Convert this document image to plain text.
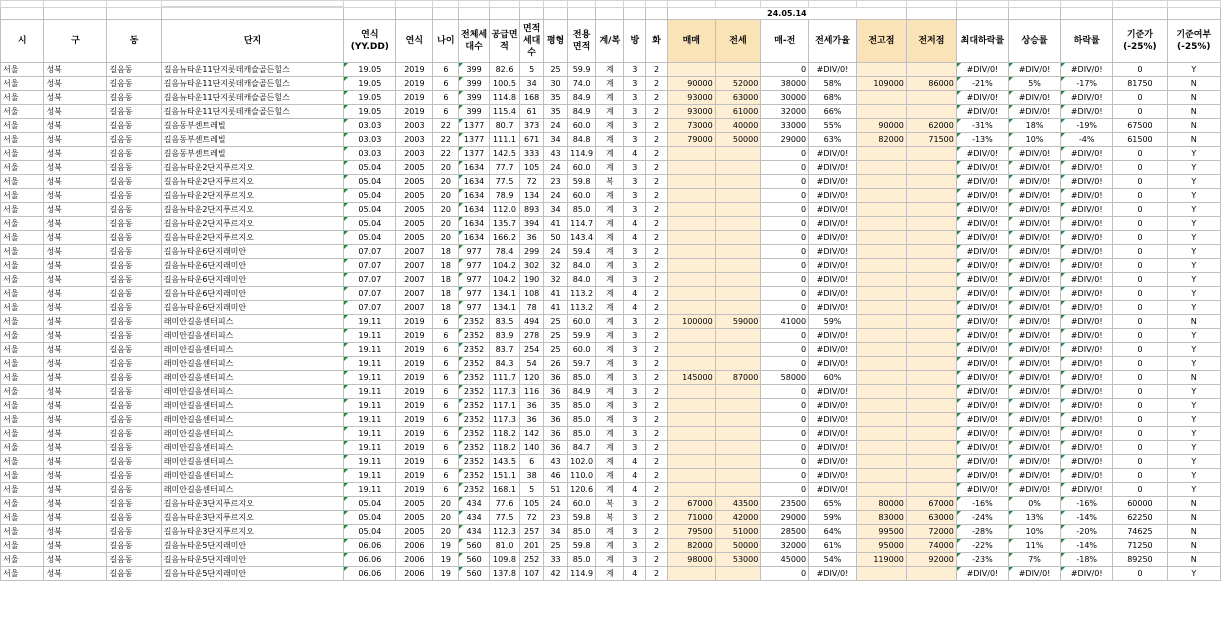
															24.05.14										
시	구	동	단지	연식(YY.DD)	연식	나이	전체세대수	공급면적	면적세대수	평형	전용면적	계/복	방	화	매매	전세	매-전	전세가율	전고점	전저점	최대하락률	상승률	하락률	기준가(-25%)	기준여부(-25%)
서울	성북	길음동	길음뉴타운11단지롯데캐슬골든힐스	19.05	2019	6	399	82.6	5	25	59.9	계	3	2			0	#DIV/0!			#DIV/0!	#DIV/0!	#DIV/0!	0	Y
서울	성북	길음동	길음뉴타운11단지롯데캐슬골든힐스	19.05	2019	6	399	100.5	34	30	74.0	계	3	2	90000	52000	38000	58%	109000	86000	-21%	5%	-17%	81750	N
서울	성북	길음동	길음뉴타운11단지롯데캐슬골든힐스	19.05	2019	6	399	114.8	168	35	84.9	계	3	2	93000	63000	30000	68%			#DIV/0!	#DIV/0!	#DIV/0!	0	N
서울	성북	길음동	길음뉴타운11단지롯데캐슬골든힐스	19.05	2019	6	399	115.4	61	35	84.9	계	3	2	93000	61000	32000	66%			#DIV/0!	#DIV/0!	#DIV/0!	0	N
서울	성북	길음동	길음동부센트레빌	03.03	2003	22	1377	80.7	373	24	60.0	계	3	2	73000	40000	33000	55%	90000	62000	-31%	18%	-19%	67500	N
서울	성북	길음동	길음동부센트레빌	03.03	2003	22	1377	111.1	671	34	84.8	계	3	2	79000	50000	29000	63%	82000	71500	-13%	10%	-4%	61500	N
서울	성북	길음동	길음동부센트레빌	03.03	2003	22	1377	142.5	333	43	114.9	계	4	2			0	#DIV/0!			#DIV/0!	#DIV/0!	#DIV/0!	0	Y
서울	성북	길음동	길음뉴타운2단지푸르지오	05.04	2005	20	1634	77.7	105	24	60.0	계	3	2			0	#DIV/0!			#DIV/0!	#DIV/0!	#DIV/0!	0	Y
서울	성북	길음동	길음뉴타운2단지푸르지오	05.04	2005	20	1634	77.5	72	23	59.8	복	3	2			0	#DIV/0!			#DIV/0!	#DIV/0!	#DIV/0!	0	Y
서울	성북	길음동	길음뉴타운2단지푸르지오	05.04	2005	20	1634	78.9	134	24	60.0	계	3	2			0	#DIV/0!			#DIV/0!	#DIV/0!	#DIV/0!	0	Y
서울	성북	길음동	길음뉴타운2단지푸르지오	05.04	2005	20	1634	112.0	893	34	85.0	계	3	2			0	#DIV/0!			#DIV/0!	#DIV/0!	#DIV/0!	0	Y
서울	성북	길음동	길음뉴타운2단지푸르지오	05.04	2005	20	1634	135.7	394	41	114.7	계	4	2			0	#DIV/0!			#DIV/0!	#DIV/0!	#DIV/0!	0	Y
서울	성북	길음동	길음뉴타운2단지푸르지오	05.04	2005	20	1634	166.2	36	50	143.4	계	4	2			0	#DIV/0!			#DIV/0!	#DIV/0!	#DIV/0!	0	Y
서울	성북	길음동	길음뉴타운6단지래미안	07.07	2007	18	977	78.4	299	24	59.4	계	3	2			0	#DIV/0!			#DIV/0!	#DIV/0!	#DIV/0!	0	Y
서울	성북	길음동	길음뉴타운6단지래미안	07.07	2007	18	977	104.2	302	32	84.0	계	3	2			0	#DIV/0!			#DIV/0!	#DIV/0!	#DIV/0!	0	Y
서울	성북	길음동	길음뉴타운6단지래미안	07.07	2007	18	977	104.2	190	32	84.0	계	3	2			0	#DIV/0!			#DIV/0!	#DIV/0!	#DIV/0!	0	Y
서울	성북	길음동	길음뉴타운6단지래미안	07.07	2007	18	977	134.1	108	41	113.2	계	4	2			0	#DIV/0!			#DIV/0!	#DIV/0!	#DIV/0!	0	Y
서울	성북	길음동	길음뉴타운6단지래미안	07.07	2007	18	977	134.1	78	41	113.2	계	4	2			0	#DIV/0!			#DIV/0!	#DIV/0!	#DIV/0!	0	Y
서울	성북	길음동	래미안길음센터피스	19.11	2019	6	2352	83.5	494	25	60.0	계	3	2	100000	59000	41000	59%			#DIV/0!	#DIV/0!	#DIV/0!	0	N
서울	성북	길음동	래미안길음센터피스	19.11	2019	6	2352	83.9	278	25	59.9	계	3	2			0	#DIV/0!			#DIV/0!	#DIV/0!	#DIV/0!	0	Y
서울	성북	길음동	래미안길음센터피스	19.11	2019	6	2352	83.7	254	25	60.0	계	3	2			0	#DIV/0!			#DIV/0!	#DIV/0!	#DIV/0!	0	Y
서울	성북	길음동	래미안길음센터피스	19.11	2019	6	2352	84.3	54	26	59.7	계	3	2			0	#DIV/0!			#DIV/0!	#DIV/0!	#DIV/0!	0	Y
서울	성북	길음동	래미안길음센터피스	19.11	2019	6	2352	111.7	120	36	85.0	계	3	2	145000	87000	58000	60%			#DIV/0!	#DIV/0!	#DIV/0!	0	N
서울	성북	길음동	래미안길음센터피스	19.11	2019	6	2352	117.3	116	36	84.9	계	3	2			0	#DIV/0!			#DIV/0!	#DIV/0!	#DIV/0!	0	Y
서울	성북	길음동	래미안길음센터피스	19.11	2019	6	2352	117.1	36	35	85.0	계	3	2			0	#DIV/0!			#DIV/0!	#DIV/0!	#DIV/0!	0	Y
서울	성북	길음동	래미안길음센터피스	19.11	2019	6	2352	117.3	36	36	85.0	계	3	2			0	#DIV/0!			#DIV/0!	#DIV/0!	#DIV/0!	0	Y
서울	성북	길음동	래미안길음센터피스	19.11	2019	6	2352	118.2	142	36	85.0	계	3	2			0	#DIV/0!			#DIV/0!	#DIV/0!	#DIV/0!	0	Y
서울	성북	길음동	래미안길음센터피스	19.11	2019	6	2352	118.2	140	36	84.7	계	3	2			0	#DIV/0!			#DIV/0!	#DIV/0!	#DIV/0!	0	Y
서울	성북	길음동	래미안길음센터피스	19.11	2019	6	2352	143.5	6	43	102.0	계	4	2			0	#DIV/0!			#DIV/0!	#DIV/0!	#DIV/0!	0	Y
서울	성북	길음동	래미안길음센터피스	19.11	2019	6	2352	151.1	38	46	110.0	계	4	2			0	#DIV/0!			#DIV/0!	#DIV/0!	#DIV/0!	0	Y
서울	성북	길음동	래미안길음센터피스	19.11	2019	6	2352	168.1	5	51	120.6	계	4	2			0	#DIV/0!			#DIV/0!	#DIV/0!	#DIV/0!	0	Y
서울	성북	길음동	길음뉴타운3단지푸르지오	05.04	2005	20	434	77.6	105	24	60.0	복	3	2	67000	43500	23500	65%	80000	67000	-16%	0%	-16%	60000	N
서울	성북	길음동	길음뉴타운3단지푸르지오	05.04	2005	20	434	77.5	72	23	59.8	복	3	2	71000	42000	29000	59%	83000	63000	-24%	13%	-14%	62250	N
서울	성북	길음동	길음뉴타운3단지푸르지오	05.04	2005	20	434	112.3	257	34	85.0	계	3	2	79500	51000	28500	64%	99500	72000	-28%	10%	-20%	74625	N
서울	성북	길음동	길음뉴타운5단지래미안	06.06	2006	19	560	81.0	201	25	59.8	계	3	2	82000	50000	32000	61%	95000	74000	-22%	11%	-14%	71250	N
서울	성북	길음동	길음뉴타운5단지래미안	06.06	2006	19	560	109.8	252	33	85.0	계	3	2	98000	53000	45000	54%	119000	92000	-23%	7%	-18%	89250	N
서울	성북	길음동	길음뉴타운5단지래미안	06.06	2006	19	560	137.8	107	42	114.9	계	4	2			0	#DIV/0!			#DIV/0!	#DIV/0!	#DIV/0!	0	Y
